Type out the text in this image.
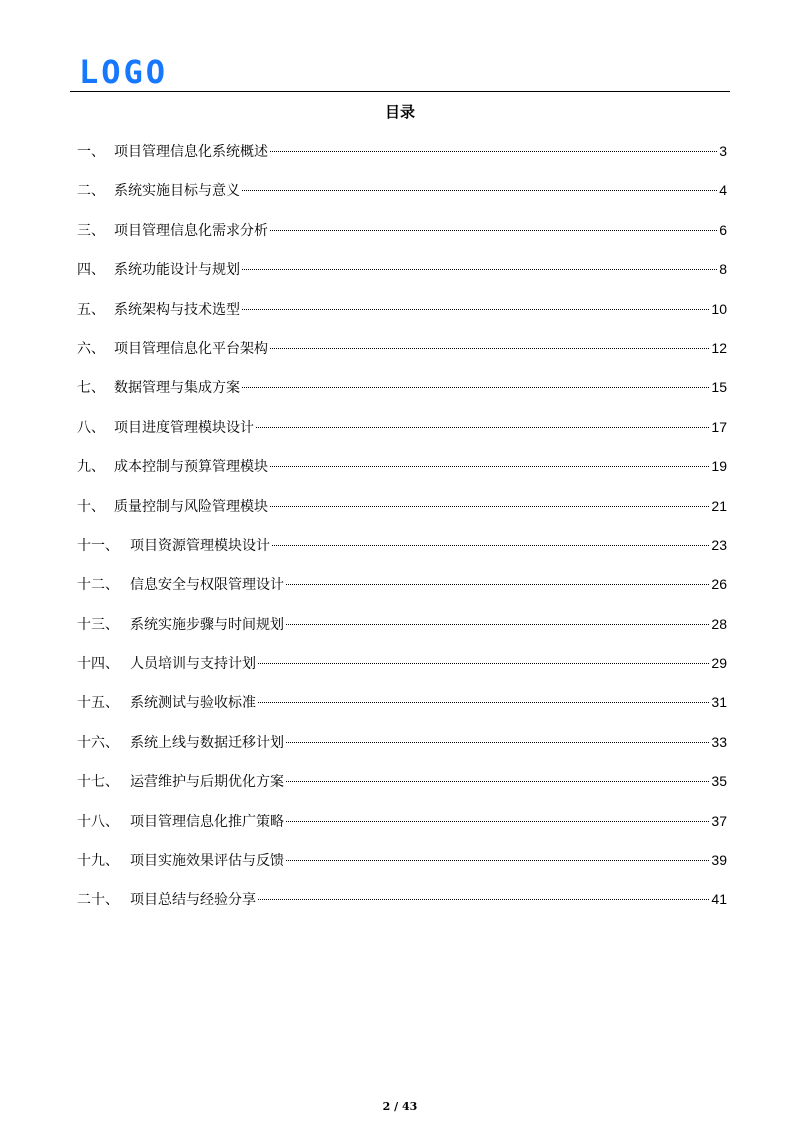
LOGO
目录
一、 项目管理信息化系统概述	3
二、 系统实施目标与意义	4
三、 项目管理信息化需求分析	6
四、 系统功能设计与规划	8
五、 系统架构与技术选型	10
六、 项目管理信息化平台架构	12
七、 数据管理与集成方案	15
八、 项目进度管理模块设计	17
九、 成本控制与预算管理模块	19
十、 质量控制与风险管理模块	21
十一、 项目资源管理模块设计	23
十二、 信息安全与权限管理设计	26
十三、 系统实施步骤与时间规划	28
十四、 人员培训与支持计划	29
十五、 系统测试与验收标准	31
十六、 系统上线与数据迁移计划	33
十七、 运营维护与后期优化方案	35
十八、 项目管理信息化推广策略	37
十九、 项目实施效果评估与反馈	39
二十、 项目总结与经验分享	41
2 / 43
